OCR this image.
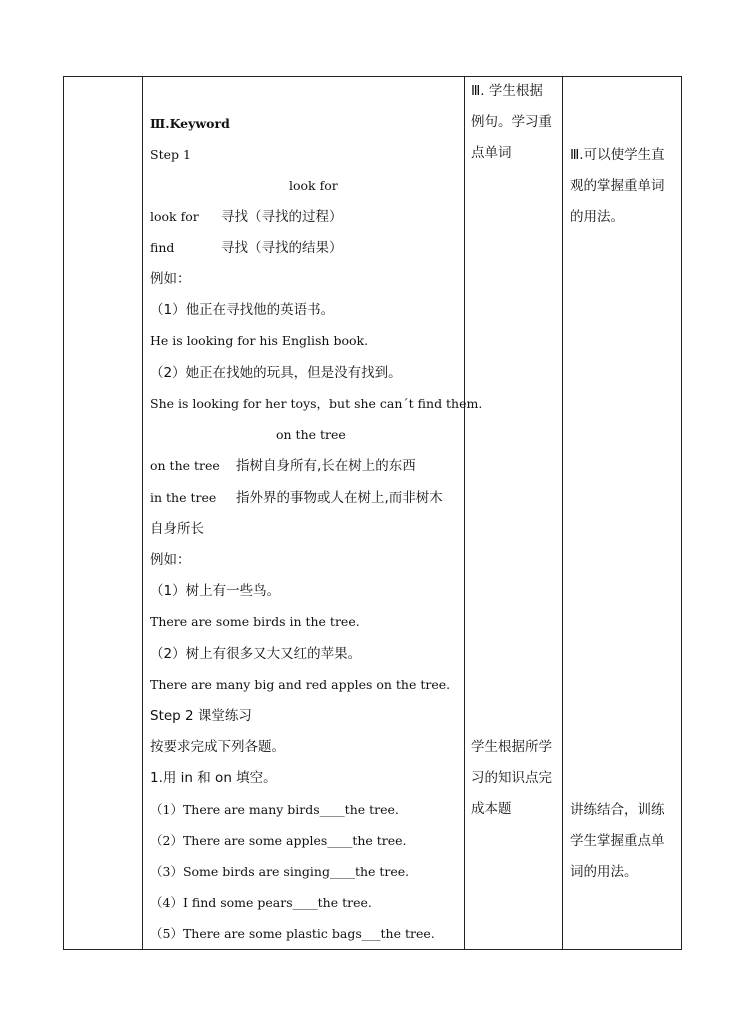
Ⅲ.Keyword
Step 1
look for
look for 寻找（寻找的过程）
find	寻找（寻找的结果）
例如：
（1）他正在寻找他的英语书。
He is looking for his English book.
（2）她正在找她的玩具，但是没有找到。
She is looking for her toys，but she can´t find them.
on the tree
on the tree 指树自身所有,长在树上的东西
in the tree 指外界的事物或人在树上,而非树木
自身所长
例如：
（1）树上有一些鸟。
There are some birds in the tree.
（2）树上有很多又大又红的苹果。
There are many big and red apples on the tree.
Step 2 课堂练习
按要求完成下列各题。
1.用 in 和 on 填空。
（1）There are many birds____the tree.
（2）There are some apples____the tree.
（3）Some birds are singing____the tree.
（4）I find some pears____the tree.
（5）There are some plastic bags___the tree.
Ⅲ. 学生根据
例句。学习重
点单词
学生根据所学
习的知识点完
成本题
Ⅲ.可以使学生直
观的掌握重单词
的用法。
讲练结合，训练
学生掌握重点单
词的用法。
